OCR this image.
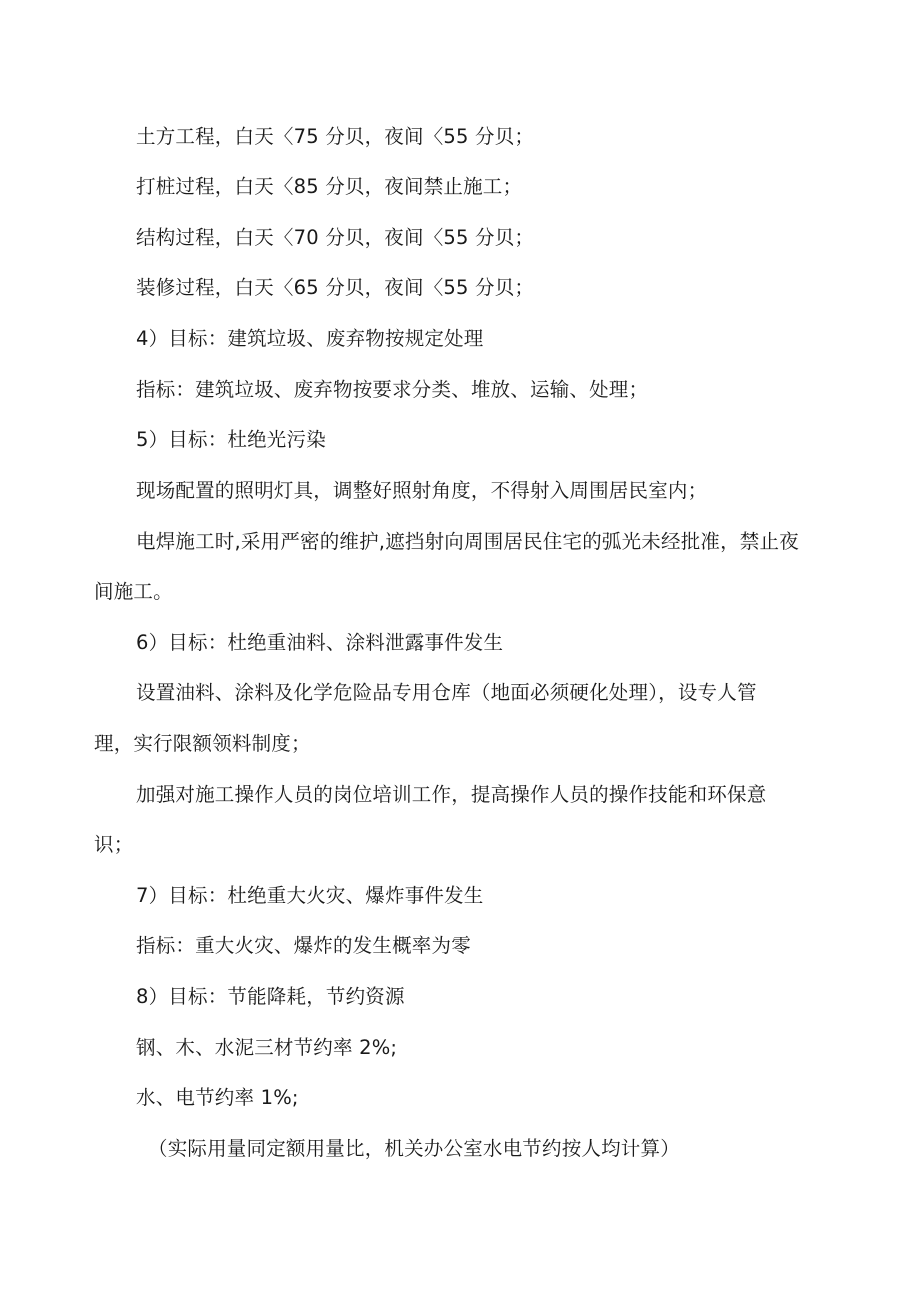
土方工程，白天〈75 分贝，夜间〈55 分贝；
打桩过程，白天〈85 分贝，夜间禁止施工；
结构过程，白天〈70 分贝，夜间〈55 分贝；
装修过程，白天〈65 分贝，夜间〈55 分贝；
4）目标：建筑垃圾、废弃物按规定处理
指标：建筑垃圾、废弃物按要求分类、堆放、运输、处理；
5）目标：杜绝光污染
现场配置的照明灯具，调整好照射角度，不得射入周围居民室内；
电焊施工时,采用严密的维护,遮挡射向周围居民住宅的弧光未经批准，禁止夜
间施工。
6）目标：杜绝重油料、涂料泄露事件发生
设置油料、涂料及化学危险品专用仓库（地面必须硬化处理），设专人管
理，实行限额领料制度；
加强对施工操作人员的岗位培训工作，提高操作人员的操作技能和环保意
识；
7）目标：杜绝重大火灾、爆炸事件发生
指标：重大火灾、爆炸的发生概率为零
8）目标：节能降耗，节约资源
钢、木、水泥三材节约率 2%;
水、电节约率 1%;
（实际用量同定额用量比，机关办公室水电节约按人均计算）
